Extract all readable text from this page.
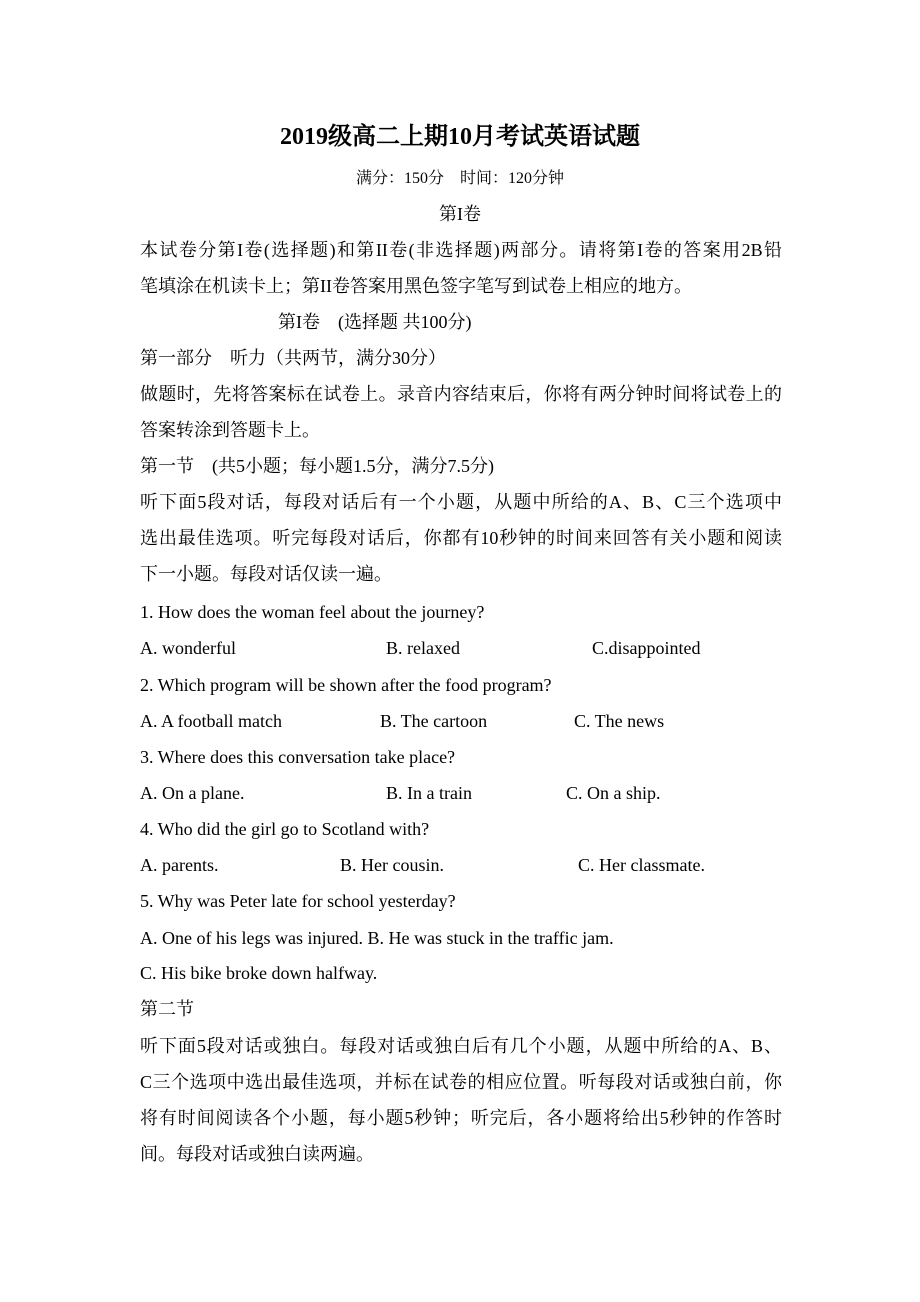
2019级高二上期10月考试英语试题
满分：150分　时间：120分钟
第I卷
本试卷分第I卷(选择题)和第II卷(非选择题)两部分。请将第I卷的答案用2B铅
笔填涂在机读卡上；第II卷答案用黑色签字笔写到试卷上相应的地方。
第I卷　(选择题 共100分)
第一部分　听力（共两节，满分30分）
做题时，先将答案标在试卷上。录音内容结束后，你将有两分钟时间将试卷上的
答案转涂到答题卡上。
第一节　(共5小题；每小题1.5分，满分7.5分)
听下面5段对话，每段对话后有一个小题，从题中所给的A、B、C三个选项中
选出最佳选项。听完每段对话后，你都有10秒钟的时间来回答有关小题和阅读
下一小题。每段对话仅读一遍。
1. How does the woman feel about the journey?
A. wonderful	B. relaxed	C.disappointed
2. Which program will be shown after the food program?
A. A football match	B. The cartoon	C. The news
3. Where does this conversation take place?
A. On a plane.	B. In a train	C. On a ship.
4. Who did the girl go to Scotland with?
A. parents.	B. Her cousin.	C. Her classmate.
5. Why was Peter late for school yesterday?
A. One of his legs was injured. B. He was stuck in the traffic jam.
C. His bike broke down halfway.
第二节
听下面5段对话或独白。每段对话或独白后有几个小题，从题中所给的A、B、
C三个选项中选出最佳选项，并标在试卷的相应位置。听每段对话或独白前，你
将有时间阅读各个小题，每小题5秒钟；听完后，各小题将给出5秒钟的作答时
间。每段对话或独白读两遍。
